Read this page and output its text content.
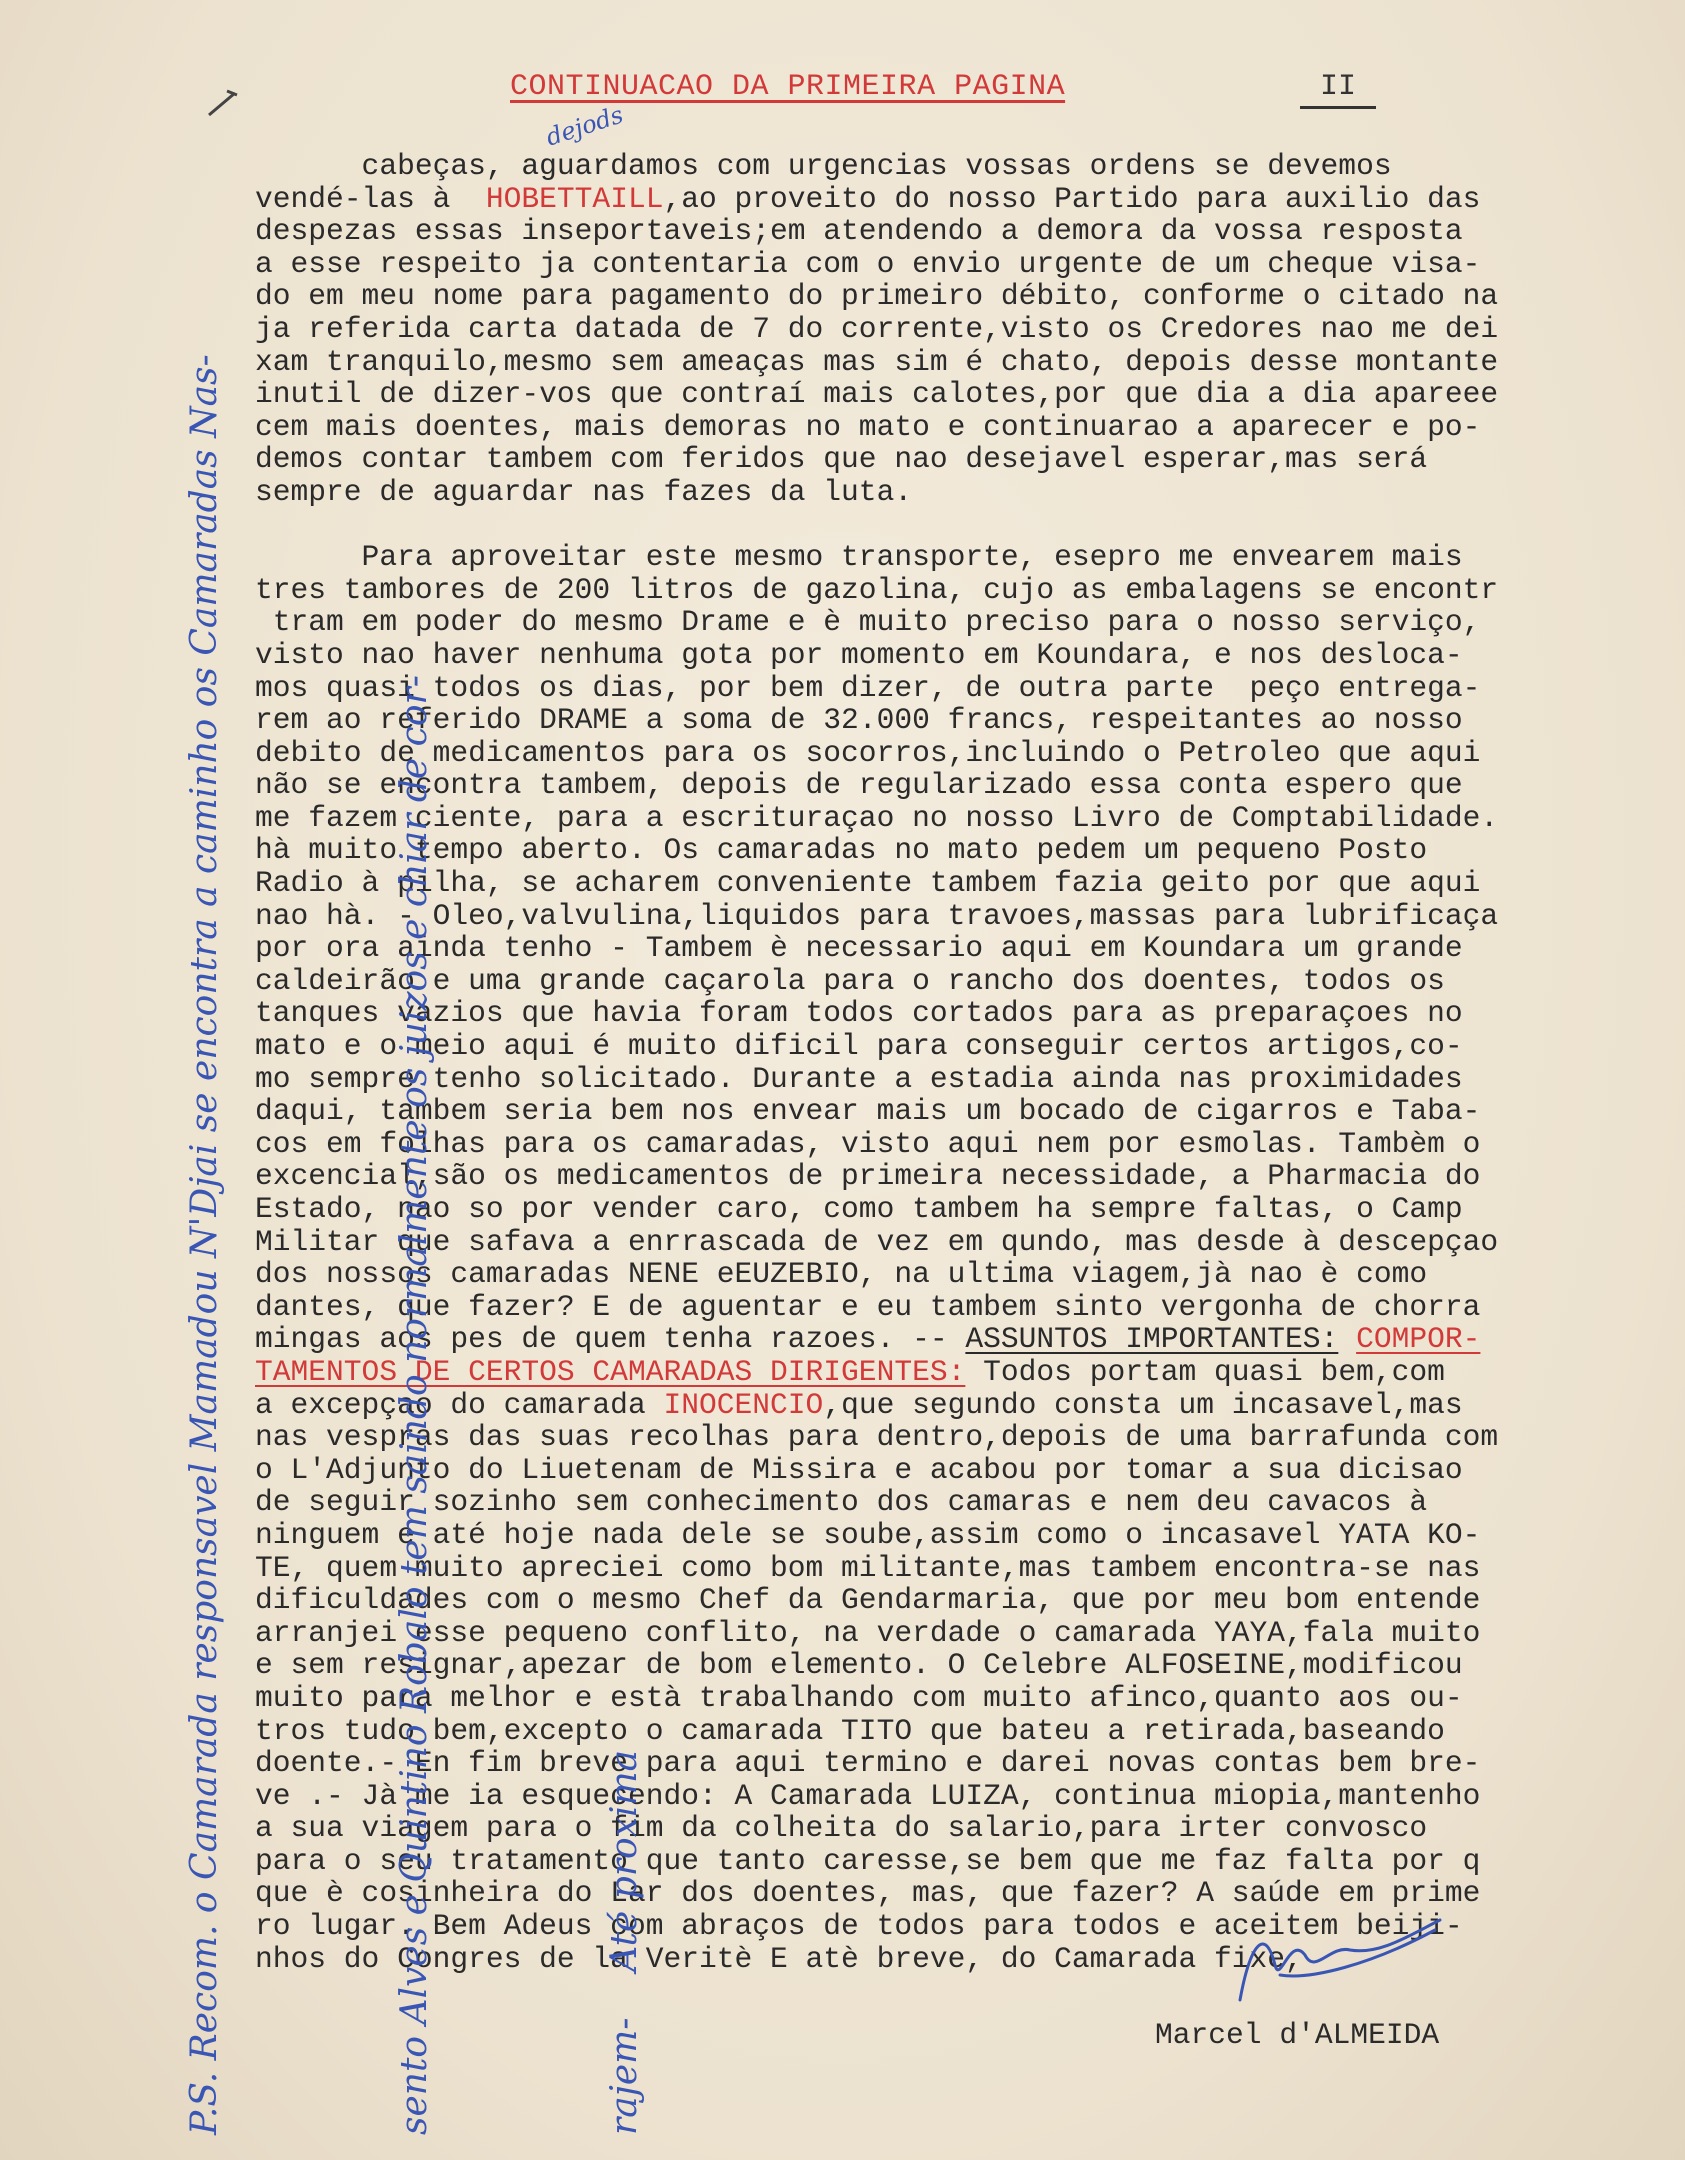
CONTINUACAO DA PRIMEIRA PAGINA	II
dejods
cabeças, aguardamos com urgencias vossas ordens se devemos
vendé-las à  HOBETTAILL,ao proveito do nosso Partido para auxilio das
despezas essas inseportaveis;em atendendo a demora da vossa resposta
a esse respeito ja contentaria com o envio urgente de um cheque visa-
do em meu nome para pagamento do primeiro débito, conforme o citado na
ja referida carta datada de 7 do corrente,visto os Credores nao me dei
xam tranquilo,mesmo sem ameaças mas sim é chato, depois desse montante
inutil de dizer-vos que contraí mais calotes,por que dia a dia apareee
cem mais doentes, mais demoras no mato e continuarao a aparecer e po-
demos contar tambem com feridos que nao desejavel esperar,mas será
sempre de aguardar nas fazes da luta.

Para aproveitar este mesmo transporte, esepro me envearem mais
tres tambores de 200 litros de gazolina, cujo as embalagens se encontr
tram em poder do mesmo Drame e è muito preciso para o nosso serviço,
visto nao haver nenhuma gota por momento em Koundara, e nos desloca-
mos quasi todos os dias, por bem dizer, de outra parte  peço entrega-
rem ao referido DRAME a soma de 32.000 francs, respeitantes ao nosso
debito de medicamentos para os socorros,incluindo o Petroleo que aqui
não se encontra tambem, depois de regularizado essa conta espero que
me fazem ciente, para a escrituraçao no nosso Livro de Comptabilidade.
hà muito tempo aberto. Os camaradas no mato pedem um pequeno Posto
Radio à pilha, se acharem conveniente tambem fazia geito por que aqui
nao hà. - Oleo,valvulina,liquidos para travoes,massas para lubrificaça
por ora ainda tenho - Tambem è necessario aqui em Koundara um grande
caldeirão e uma grande caçarola para o rancho dos doentes, todos os
tanques vazios que havia foram todos cortados para as preparaçoes no
mato e o meio aqui é muito dificil para conseguir certos artigos,co-
mo sempre tenho solicitado. Durante a estadia ainda nas proximidades
daqui, tambem seria bem nos envear mais um bocado de cigarros e Taba-
cos em folhas para os camaradas, visto aqui nem por esmolas. Tambèm o
excencial,são os medicamentos de primeira necessidade, a Pharmacia do
Estado, nao so por vender caro, como tambem ha sempre faltas, o Camp
Militar que safava a enrrascada de vez em qundo, mas desde à descepçao
dos nossos camaradas NENE eEUZEBIO, na ultima viagem,jà nao è como
dantes, que fazer? E de aguentar e eu tambem sinto vergonha de chorra
mingas aos pes de quem tenha razoes. -- ASSUNTOS IMPORTANTES: COMPOR-
TAMENTOS DE CERTOS CAMARADAS DIRIGENTES: Todos portam quasi bem,com
a excepçao do camarada INOCENCIO,que segundo consta um incasavel,mas
nas vespras das suas recolhas para dentro,depois de uma barrafunda com
o L'Adjunto do Liuetenam de Missira e acabou por tomar a sua dicisao
de seguir sozinho sem conhecimento dos camaras e nem deu cavacos à
ninguem e até hoje nada dele se soube,assim como o incasavel YATA KO-
TE, quem muito apreciei como bom militante,mas tambem encontra-se nas
dificuldades com o mesmo Chef da Gendarmaria, que por meu bom entende
arranjei esse pequeno conflito, na verdade o camarada YAYA,fala muito
e sem resignar,apezar de bom elemento. O Celebre ALFOSEINE,modificou
muito para melhor e està trabalhando com muito afinco,quanto aos ou-
tros tudo bem,excepto o camarada TITO que bateu a retirada,baseando
doente.- En fim breve para aqui termino e darei novas contas bem bre-
ve .- Jà me ia esquecendo: A Camarada LUIZA, continua miopia,mantenho
a sua viagem para o fim da colheita do salario,para irter convosco
para o seu tratamento que tanto caresse,se bem que me faz falta por q
que è cosinheira do Lar dos doentes, mas, que fazer? A saúde em prime
ro lugar. Bem Adeus com abraços de todos para todos e aceitem beiji-
nhos do Congres de la Veritè E atè breve, do Camarada fixe,
Marcel d'ALMEIDA

P.S. Recom. o Camarada responsavel Mamadou N'Djai se encontra a caminho os Camaradas Nas-

	sento Alves e Quintino Robalo tem saindo normalmente os juizos e chiar de cor-

	rajem-    Até proxima
